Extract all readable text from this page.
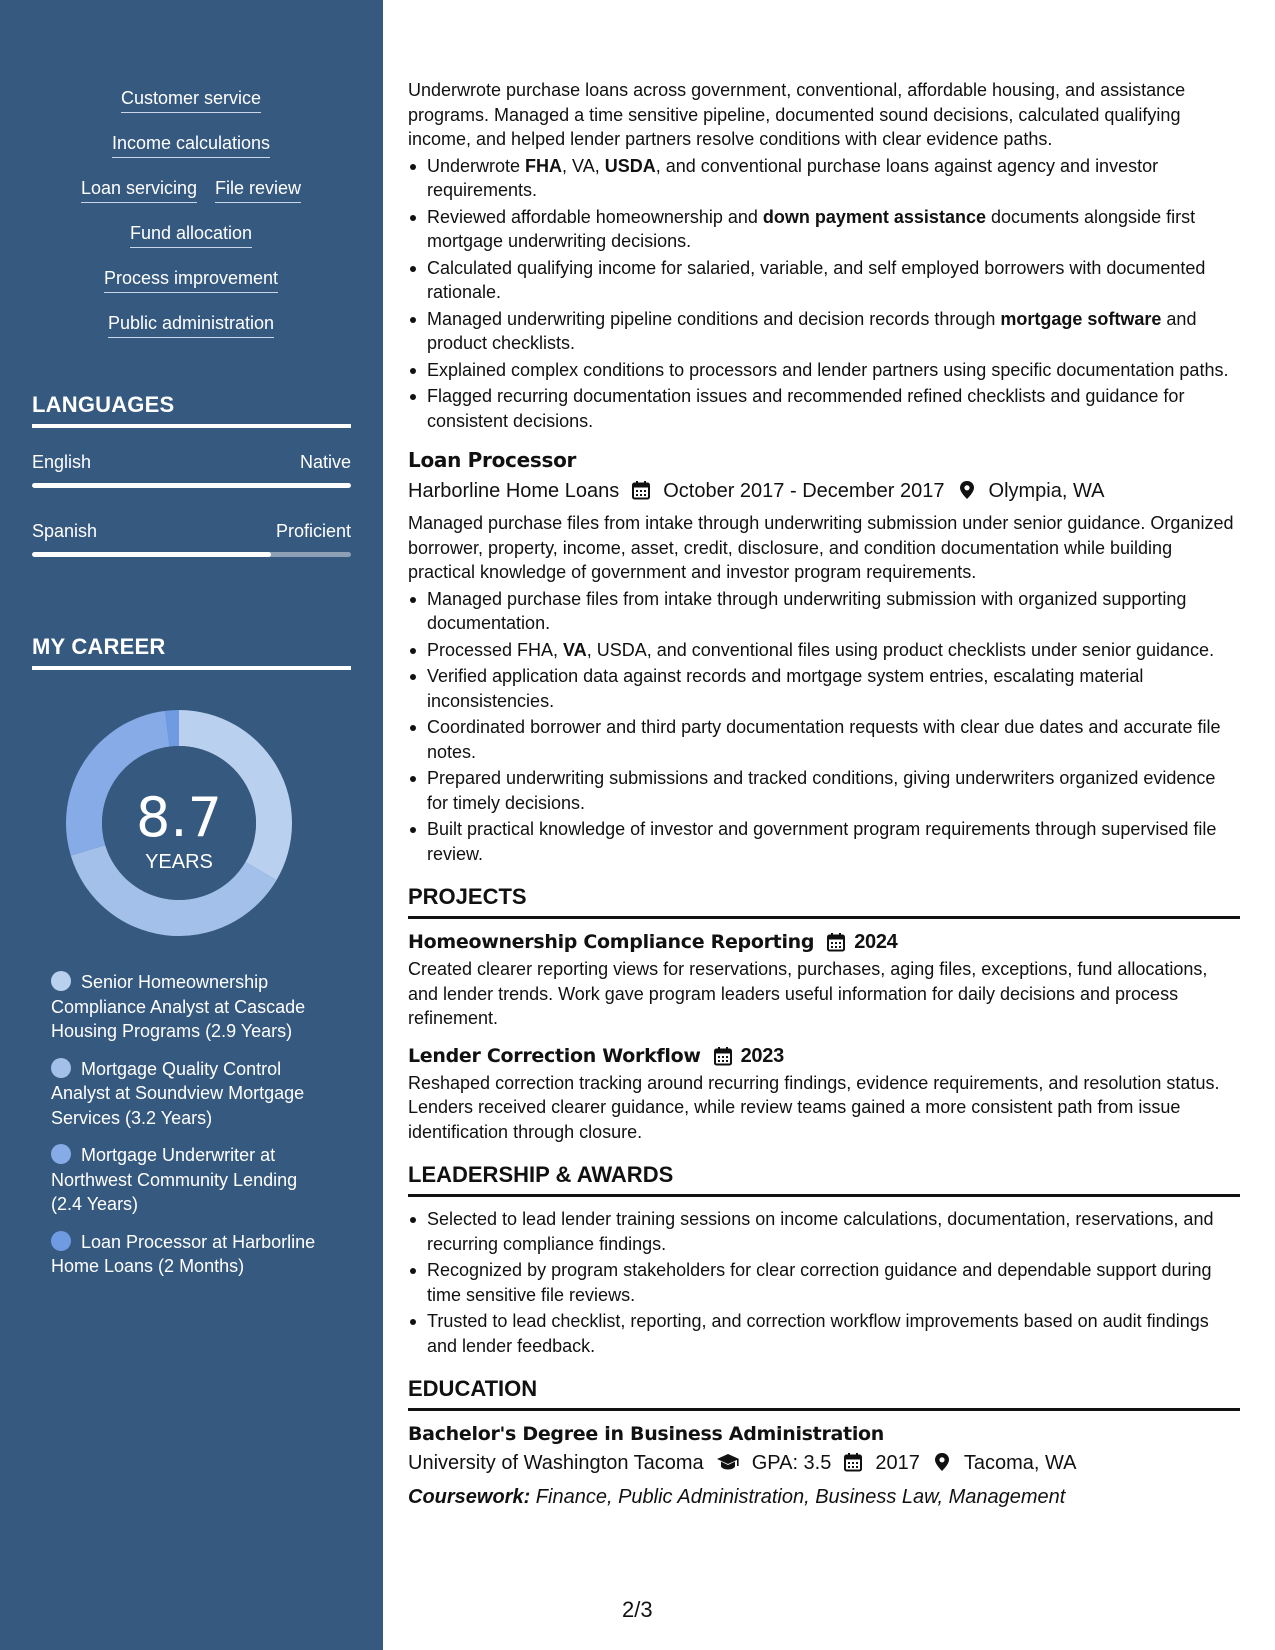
Customer service
Income calculations
Loan servicing File review
Fund allocation
Process improvement
Public administration
LANGUAGES
English	Native
Spanish	Proficient
MY CAREER
8.7
YEARS
Senior Homeownership Compliance Analyst at Cascade Housing Programs (2.9 Years)
Mortgage Quality Control Analyst at Soundview Mortgage Services (3.2 Years)
Mortgage Underwriter at Northwest Community Lending (2.4 Years)
Loan Processor at Harborline Home Loans (2 Months)
Underwrote purchase loans across government, conventional, affordable housing, and assistance programs. Managed a time sensitive pipeline, documented sound decisions, calculated qualifying income, and helped lender partners resolve conditions with clear evidence paths.
Underwrote FHA, VA, USDA, and conventional purchase loans against agency and investor requirements.
Reviewed affordable homeownership and down payment assistance documents alongside first mortgage underwriting decisions.
Calculated qualifying income for salaried, variable, and self employed borrowers with documented rationale.
Managed underwriting pipeline conditions and decision records through mortgage software and product checklists.
Explained complex conditions to processors and lender partners using specific documentation paths.
Flagged recurring documentation issues and recommended refined checklists and guidance for consistent decisions.
Loan Processor
Harborline Home Loans October 2017 - December 2017 Olympia, WA
Managed purchase files from intake through underwriting submission under senior guidance. Organized borrower, property, income, asset, credit, disclosure, and condition documentation while building practical knowledge of government and investor program requirements.
Managed purchase files from intake through underwriting submission with organized supporting documentation.
Processed FHA, VA, USDA, and conventional files using product checklists under senior guidance.
Verified application data against records and mortgage system entries, escalating material inconsistencies.
Coordinated borrower and third party documentation requests with clear due dates and accurate file notes.
Prepared underwriting submissions and tracked conditions, giving underwriters organized evidence for timely decisions.
Built practical knowledge of investor and government program requirements through supervised file review.
PROJECTS
Homeownership Compliance Reporting 2024
Created clearer reporting views for reservations, purchases, aging files, exceptions, fund allocations, and lender trends. Work gave program leaders useful information for daily decisions and process refinement.
Lender Correction Workflow 2023
Reshaped correction tracking around recurring findings, evidence requirements, and resolution status. Lenders received clearer guidance, while review teams gained a more consistent path from issue identification through closure.
LEADERSHIP & AWARDS
Selected to lead lender training sessions on income calculations, documentation, reservations, and recurring compliance findings.
Recognized by program stakeholders for clear correction guidance and dependable support during time sensitive file reviews.
Trusted to lead checklist, reporting, and correction workflow improvements based on audit findings and lender feedback.
EDUCATION
Bachelor's Degree in Business Administration
University of Washington Tacoma GPA: 3.5 2017 Tacoma, WA
Coursework: Finance, Public Administration, Business Law, Management
2/3
